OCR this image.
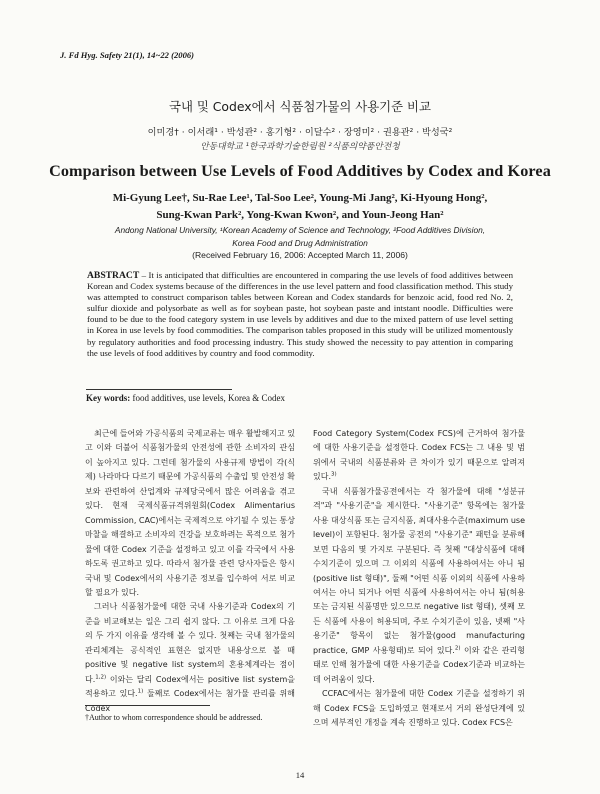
J. Fd Hyg. Safety 21(1), 14~22 (2006)
국내 및 Codex에서 식품첨가물의 사용기준 비교
이미경† · 이서래¹ · 박성관² · 홍기형² · 이달수² · 장영미² · 권용관² · 박성국²
안동대학교 ¹한국과학기술한림원 ²식품의약품안전청
Comparison between Use Levels of Food Additives by Codex and Korea
Mi-Gyung Lee†, Su-Rae Lee¹, Tal-Soo Lee², Young-Mi Jang², Ki-Hyoung Hong²,
Sung-Kwan Park², Yong-Kwan Kwon², and Youn-Jeong Han²
Andong National University, ¹Korean Academy of Science and Technology, ²Food Additives Division,
Korea Food and Drug Administration
(Received February 16, 2006: Accepted March 11, 2006)
ABSTRACT – It is anticipated that difficulties are encountered in comparing the use levels of food additives between Korean and Codex systems because of the differences in the use level pattern and food classification method. This study was attempted to construct comparison tables between Korean and Codex standards for benzoic acid, food red No. 2, sulfur dioxide and polysorbate as well as for soybean paste, hot soybean paste and intstant noodle. Difficulties were found to be due to the food category system in use levels by additives and due to the mixed pattern of use level setting in Korea in use levels by food commodities. The comparison tables proposed in this study will be utilized momentously by regulatory authorities and food processing industry. This study showed the necessity to pay attention in comparing the use levels of food additives by country and food commodity.
Key words: food additives, use levels, Korea & Codex

최근에 들어와 가공식품의 국제교류는 매우 활발해지고 있고 이와 더불어 식품첨가물의 안전성에 관한 소비자의 관심이 높아지고 있다. 그런데 첨가물의 사용규제 방법이 각(식제) 나라마다 다르기 때문에 가공식품의 수출입 및 안전성 확보와 관련하여 산업계와 규제당국에서 많은 어려움을 겪고 있다. 현재 국제식품규격위원회(Codex Alimentarius Commission, CAC)에서는 국제적으로 야기될 수 있는 통상마찰을 해결하고 소비자의 건강을 보호하려는 목적으로 첨가물에 대한 Codex 기준을 설정하고 있고 이를 각국에서 사용하도록 권고하고 있다. 따라서 첨가물 관련 당사자들은 항시 국내 및 Codex에서의 사용기준 정보를 입수하여 서로 비교할 필요가 있다.

그러나 식품첨가물에 대한 국내 사용기준과 Codex의 기준을 비교해보는 일은 그리 쉽지 않다. 그 이유로 크게 다음의 두 가지 이유를 생각해 볼 수 있다. 첫째는 국내 첨가물의 관리체계는 공식적인 표현은 없지만 내용상으로 볼 때 positive 및 negative list system의 혼용체계라는 점이다.$^{1,2)}$ 이와는 달리 Codex에서는 positive list system을 적용하고 있다.$^{1)}$ 둘째로 Codex에서는 첨가물 관리를 위해 Codex

Food Category System(Codex FCS)에 근거하여 첨가물에 대한 사용기준을 설정한다. Codex FCS는 그 내용 및 범위에서 국내의 식품분류와 큰 차이가 있기 때문으로 알려져 있다.$^{3)}$

국내 식품첨가물공전에서는 각 첨가물에 대해 "성분규격"과 "사용기준"을 제시한다. "사용기준" 항목에는 첨가물 사용 대상식품 또는 금지식품, 최대사용수준(maximum use level)이 포함된다. 첨가물 공전의 "사용기준" 패턴을 분류해보면 다음의 몇 가지로 구분된다. 즉 첫째 "대상식품에 대해 수치기준이 있으며 그 이외의 식품에 사용하여서는 아니 됨(positive list 형태)", 둘째 "어떤 식품 이외의 식품에 사용하여서는 아니 되거나 어떤 식품에 사용하여서는 아니 됨(허용 또는 금지된 식품명만 있으므로 negative list 형태), 셋째 모든 식품에 사용이 허용되며, 주로 수치기준이 있음, 넷째 "사용기준" 항목이 없는 첨가물(good manufacturing practice, GMP 사용형태)로 되어 있다.$^{2)}$ 이와 같은 관리형태로 인해 첨가물에 대한 사용기준을 Codex기준과 비교하는데 어려움이 있다.

CCFAC에서는 첨가물에 대한 Codex 기준을 설정하기 위해 Codex FCS을 도입하였고 현재로서 거의 완성단계에 있으며 세부적인 개정을 계속 진행하고 있다. Codex FCS은

†Author to whom correspondence should be addressed.
14
